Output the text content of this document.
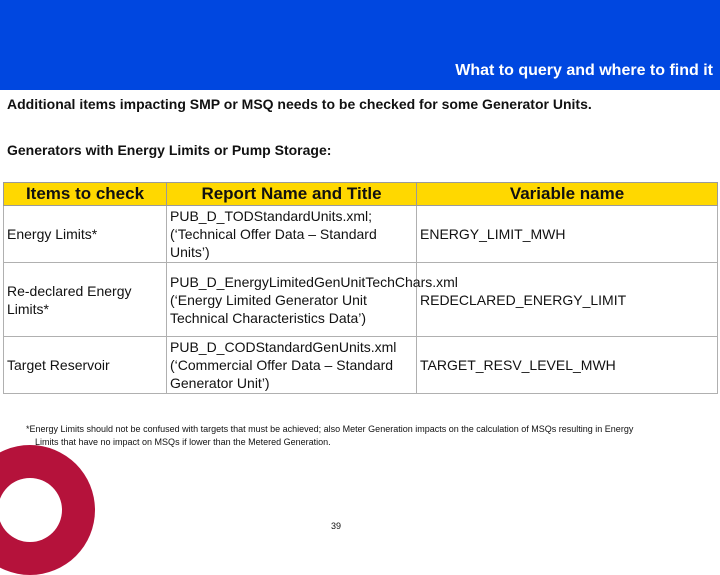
What to query and where to find it
Additional items impacting SMP or MSQ needs to be checked for some Generator Units.
Generators with Energy Limits or Pump Storage:
Items to check	Report Name and Title	Variable name
Energy Limits*	PUB_D_TODStandardUnits.xml; (‘Technical Offer Data – Standard Units’)	ENERGY_LIMIT_MWH
Re-declared Energy Limits*	PUB_D_EnergyLimitedGenUnitTechChars.xml (‘Energy Limited Generator Unit Technical Characteristics Data’)	REDECLARED_ENERGY_LIMIT
Target Reservoir	PUB_D_CODStandardGenUnits.xml (‘Commercial Offer Data – Standard Generator Unit’)	TARGET_RESV_LEVEL_MWH
*Energy Limits should not be confused with targets that must be achieved; also Meter Generation impacts on the calculation of MSQs resulting in Energy
Limits that have no impact on MSQs if lower than the Metered Generation.
39
